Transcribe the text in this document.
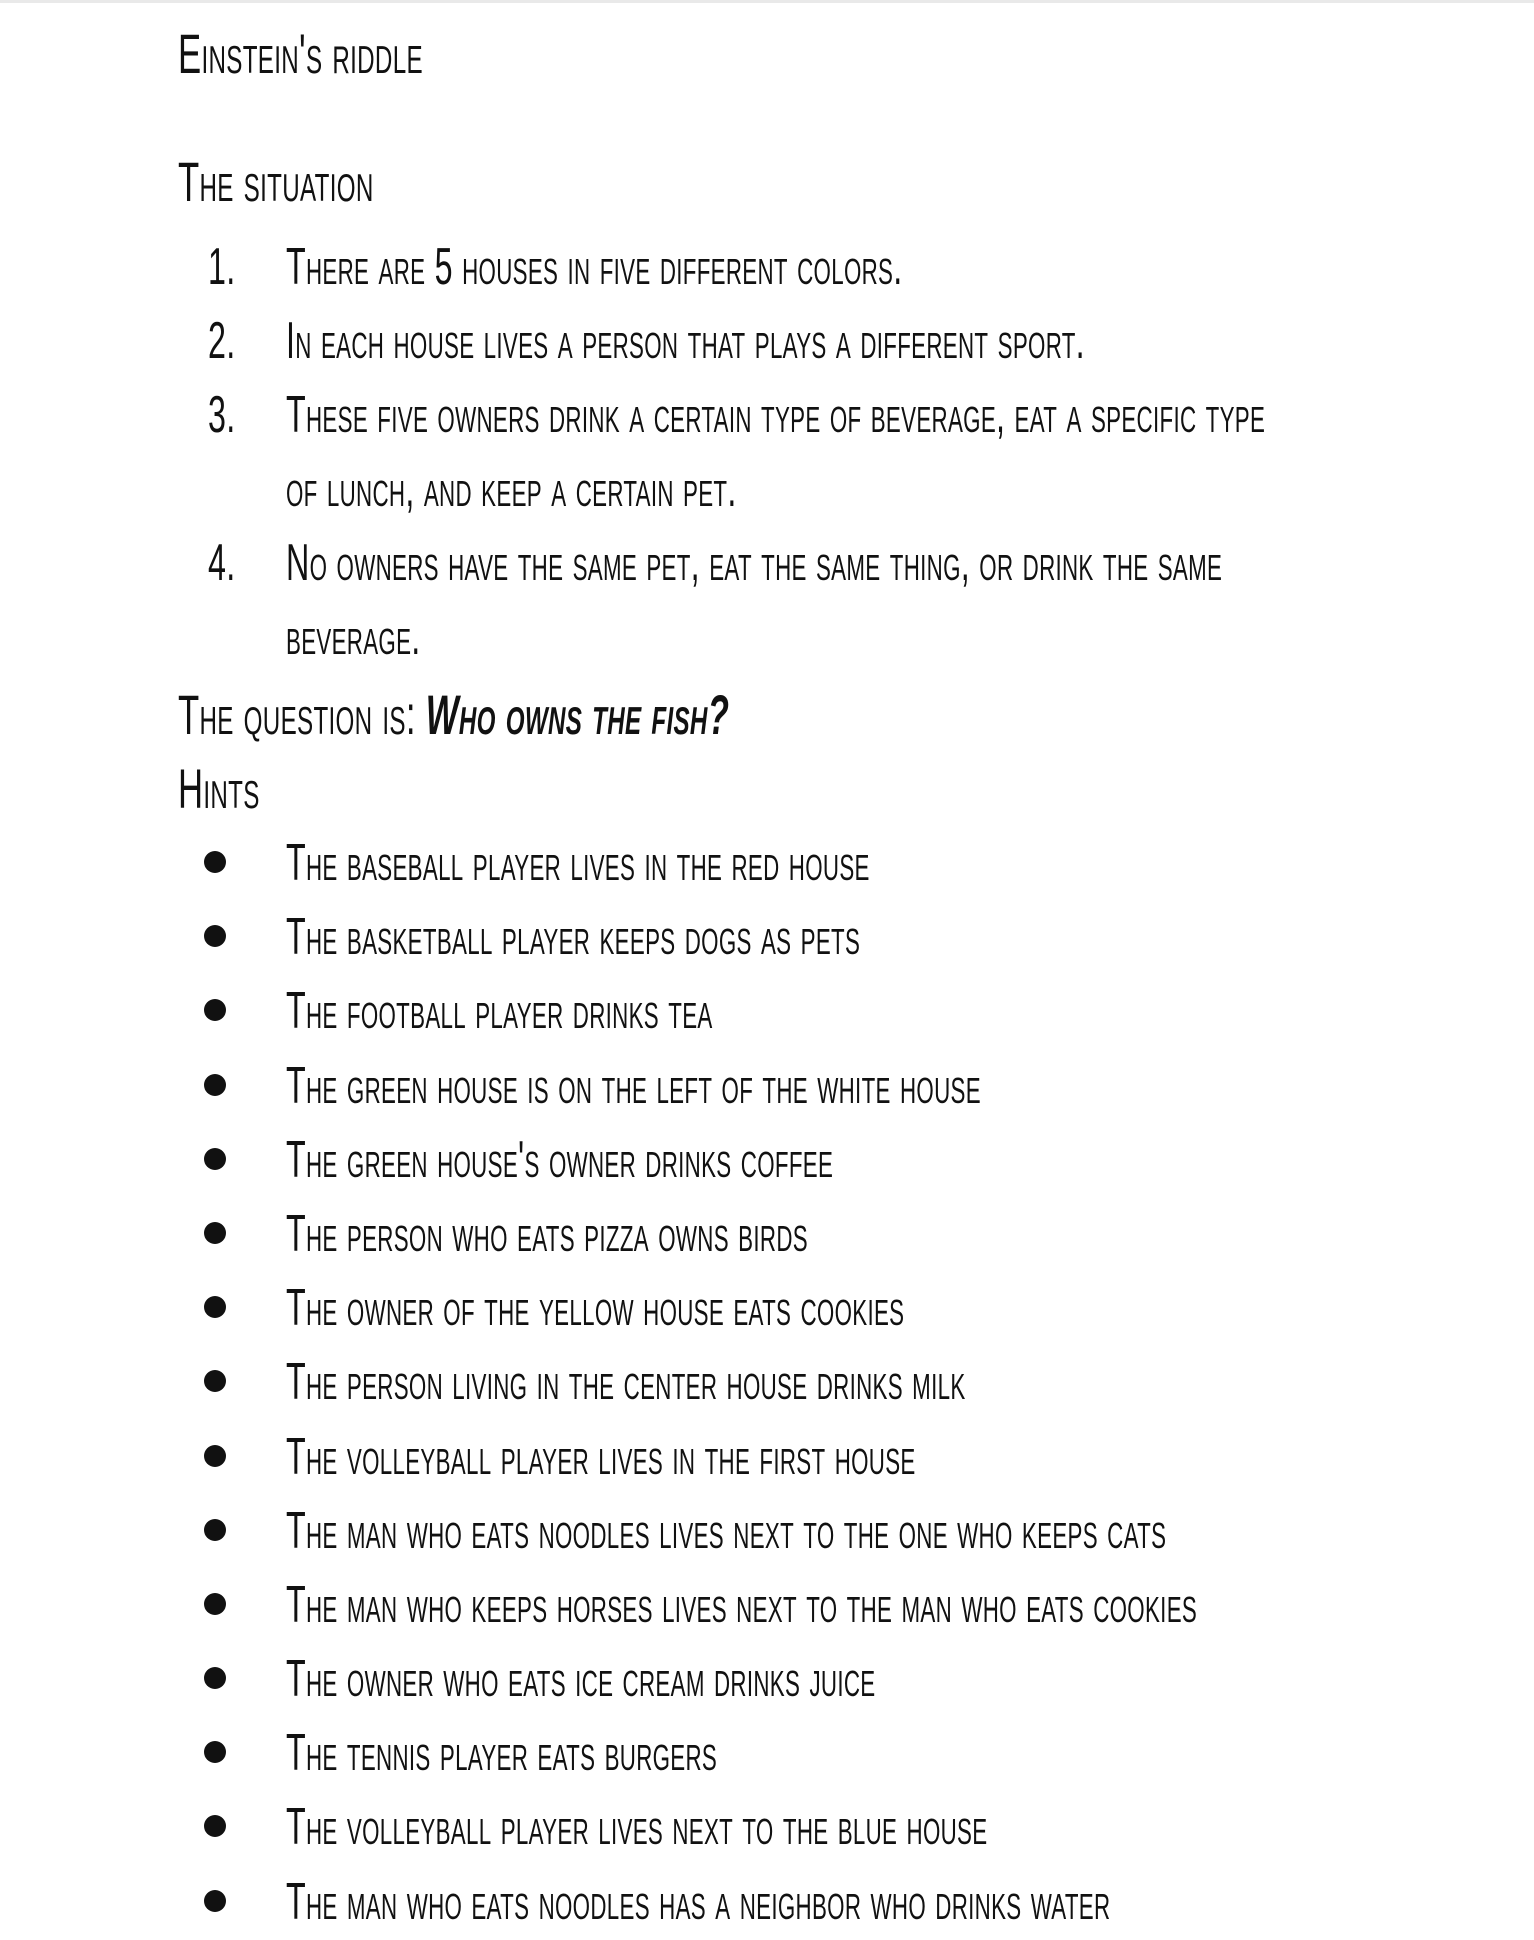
Einstein's riddle
The situation
1. There are 5 houses in five different colors.
2. In each house lives a person that plays a different sport.
3. These five owners drink a certain type of beverage, eat a specific type
of lunch, and keep a certain pet.
4. No owners have the same pet, eat the same thing, or drink the same
beverage.
The question is: Who owns the fish?
Hints
The baseball player lives in the red house
The basketball player keeps dogs as pets
The football player drinks tea
The green house is on the left of the white house
The green house's owner drinks coffee
The person who eats pizza owns birds
The owner of the yellow house eats cookies
The person living in the center house drinks milk
The volleyball player lives in the first house
The man who eats noodles lives next to the one who keeps cats
The man who keeps horses lives next to the man who eats cookies
The owner who eats ice cream drinks juice
The tennis player eats burgers
The volleyball player lives next to the blue house
The man who eats noodles has a neighbor who drinks water
